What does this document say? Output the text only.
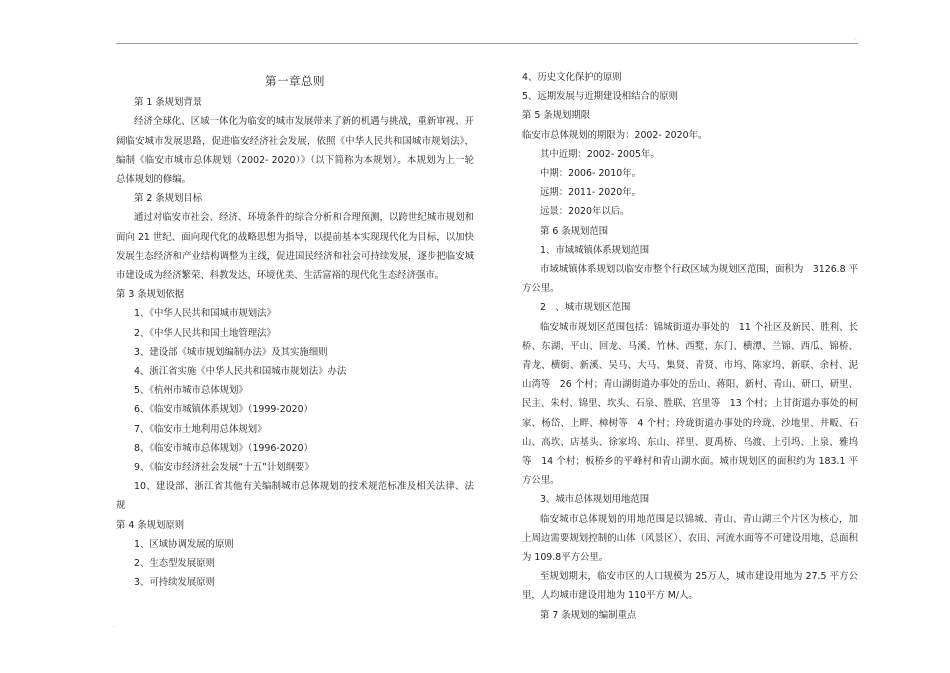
·
·
第一章总则

第 1 条规划背景

经济全球化、区域一体化为临安的城市发展带来了新的机遇与挑战，重新审视、开阔临安城市发展思路，促进临安经济社会发展，依照《中华人民共和国城市规划法》，编制《临安市城市总体规划（2002- 2020）》（以下简称为本规划）。本规划为上一轮总体规划的修编。

第 2 条规划目标

通过对临安市社会、经济、环境条件的综合分析和合理预测，以跨世纪城市规划和面向 21 世纪、面向现代化的战略思想为指导，以提前基本实现现代化为目标，以加快发展生态经济和产业结构调整为主线，促进国民经济和社会可持续发展，逐步把临安城市建设成为经济繁荣、科教发达、环境优美、生活富裕的现代化生态经济强市。

第 3 条规划依据

1、《中华人民共和国城市规划法》

2、《中华人民共和国土地管理法》

3、建设部《城市规划编制办法》及其实施细则

4、浙江省实施《中华人民共和国城市规划法》办法

5、《杭州市城市总体规划》

6、《临安市城镇体系规划》（1999-2020）

7、《临安市土地利用总体规划》

8、《临安市城市总体规划》（1996-2020）

9、《临安市经济社会发展“十五”计划纲要》

10、建设部、浙江省其他有关编制城市总体规划的技术规范标准及相关法律、法规

第 4 条规划原则

1、区域协调发展的原则

2、生态型发展原则

3、可持续发展原则

4、历史文化保护的原则

5、远期发展与近期建设相结合的原则

第 5 条规划期限

临安市总体规划的期限为：2002- 2020年。

其中近期：2002- 2005年。

中期：2006- 2010年。

远期：2011- 2020年。

远景：2020年以后。

第 6 条规划范围

1、市域城镇体系规划范围

市域城镇体系规划以临安市整个行政区域为规划区范围，面积为　3126.8 平方公里。

2　、城市规划区范围

临安城市规划区范围包括：锦城街道办事处的　11 个社区及新民、胜利、长桥、东湖、平山、回龙、马溪、竹林、西墅、东门、横潭、兰锦、西瓜、锦桥、青龙、横街、新溪、吴马、大马、集贤、青贤、市坞、陈家坞、新联、余村、泥山湾等　26 个村；青山湖街道办事处的岳山、蒋阳、新村、青山、研口、研里、民主、朱村、锦里、坎头、石泉、胜联、宫里等　13 个村；上甘街道办事处的柯家、杨岱、上畔、樟树等　4 个村；玲珑街道办事处的玲珑、沙地里、井畈、石山、高坎、店基头、徐家坞、东山、祥里、夏禹桥、乌渡、上引坞、上泉、雅坞等　14 个村；板桥乡的平峰村和青山湖水面。城市规划区的面积约为 183.1 平方公里。

3、城市总体规划用地范围

临安城市总体规划的用地范围是以锦城、青山、青山湖三个片区为核心，加上周边需要规划控制的山体（风景区）、农田、河流水面等不可建设用地，总面积为 109.8平方公里。

至规划期末，临安市区的人口规模为 25万人，城市建设用地为 27.5 平方公里，人均城市建设用地为 110平方 M/人。

第 7 条规划的编制重点
